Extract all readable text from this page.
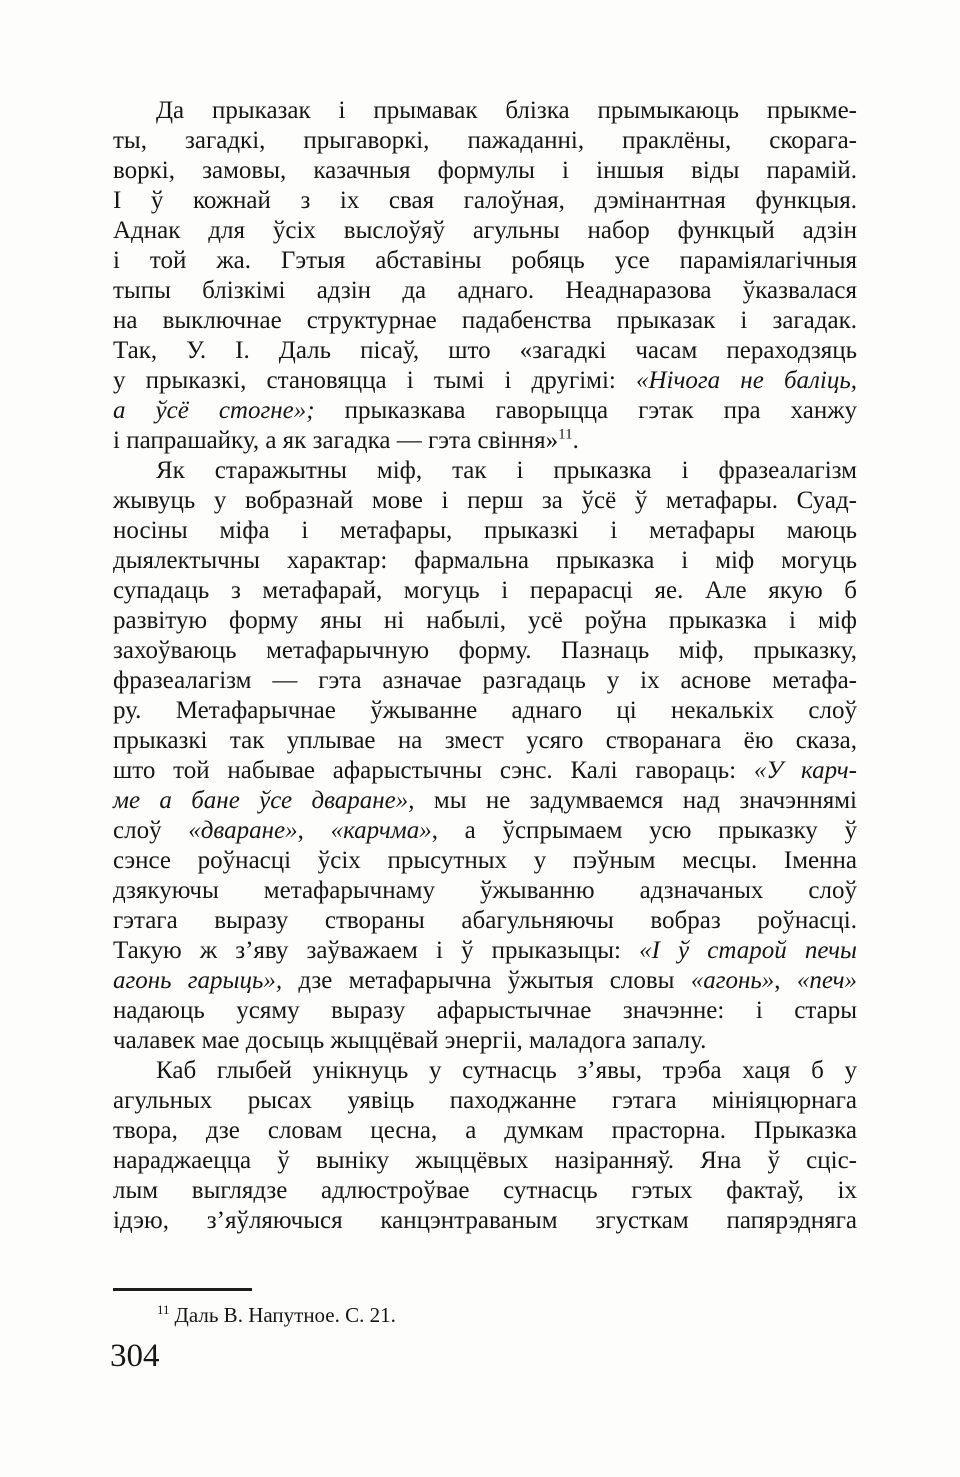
Да прыказак і прымавак блізка прымыкаюць прыкме-
ты, загадкі, прыгаворкі, пажаданні, праклёны, скорага-
воркі, замовы, казачныя формулы і іншыя віды парамій.
І ў кожнай з іх свая галоўная, дэмінантная функцыя.
Аднак для ўсіх выслоўяў агульны набор функцый адзін
і той жа. Гэтыя абставіны робяць усе параміялагічныя
тыпы блізкімі адзін да аднаго. Неаднаразова ўказвалася
на выключнае структурнае падабенства прыказак і загадак.
Так, У. І. Даль пісаў, што «загадкі часам пераходзяць
у прыказкі, становяцца і тымі і другімі: «Нічога не баліць,
а ўсё стогне»; прыказкава гаворыцца гэтак пра ханжу
і папрашайку, а як загадка — гэта свіння»$^{11}$.
Як старажытны міф, так і прыказка і фразеалагізм
жывуць у вобразнай мове і перш за ўсё ў метафары. Суад-
носіны міфа і метафары, прыказкі і метафары маюць
дыялектычны характар: фармальна прыказка і міф могуць
супадаць з метафарай, могуць і перарасці яе. Але якую б
развітую форму яны ні набылі, усё роўна прыказка і міф
захоўваюць метафарычную форму. Пазнаць міф, прыказку,
фразеалагізм — гэта азначае разгадаць у іх аснове метафа-
ру. Метафарычнае ўжыванне аднаго ці некалькіх слоў
прыказкі так уплывае на змест усяго створанага ёю сказа,
што той набывае афарыстычны сэнс. Калі гавораць: «У карч-
ме а бане ўсе дваране», мы не задумваемся над значэннямі
слоў «дваране», «карчма», а ўспрымаем усю прыказку ў
сэнсе роўнасці ўсіх прысутных у пэўным месцы. Іменна
дзякуючы метафарычнаму ўжыванню адзначаных слоў
гэтага выразу створаны абагульняючы вобраз роўнасці.
Такую ж з’яву заўважаем і ў прыказыцы: «І ў старой печы
агонь гарыць», дзе метафарычна ўжытыя словы «агонь», «печ»
надаюць усяму выразу афарыстычнае значэнне: і стары
чалавек мае досыць жыццёвай энергіі, маладога запалу.
Каб глыбей унікнуць у сутнасць з’явы, трэба хаця б у
агульных рысах уявіць паходжанне гэтага мініяцюрнага
твора, дзе словам цесна, а думкам прасторна. Прыказка
нараджаецца ў выніку жыццёвых назіранняў. Яна ў сціс-
лым выглядзе адлюстроўвае сутнасць гэтых фактаў, іх
ідэю, з’яўляючыся канцэнтраваным згусткам папярэдняга
$^{11}$ Даль В. Напутное. С. 21.
304
